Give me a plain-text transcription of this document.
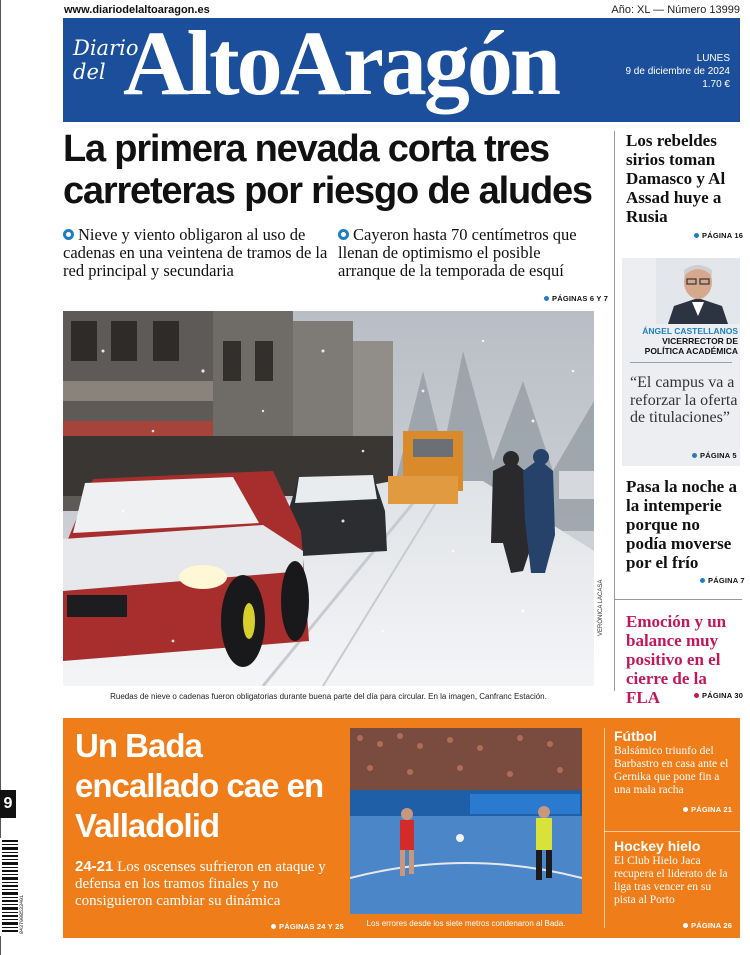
www.diariodelaltoaragon.es	Año: XL — Número 13999
Diario
del AltoAragón	LUNES
9 de diciembre de 2024
1.70 €
La primera nevada corta tres carreteras por riesgo de aludes
Nieve y viento obligaron al uso de cadenas en una veintena de tramos de la red principal y secundaria
Cayeron hasta 70 centímetros que llenan de optimismo el posible arranque de la temporada de esquí
PÁGINAS 6 Y 7
VERÓNICA LACASA
Ruedas de nieve o cadenas fueron obligatorias durante buena parte del día para circular. En la imagen, Canfranc Estación.
Los rebeldes sirios toman Damasco y Al Assad huye a Rusia
PÁGINA 16
ÁNGEL CASTELLANOS
VICERRECTOR DE POLÍTICA ACADÉMICA
“El campus va a reforzar la oferta de titulaciones”
PÁGINA 5
Pasa la noche a la intemperie porque no podía moverse por el frío
PÁGINA 7
Emoción y un balance muy positivo en el cierre de la FLA	PÁGINA 30
Un Bada encallado cae en Valladolid
24-21 Los oscenses sufrieron en ataque y defensa en los tramos finales y no consiguieron cambiar su dinámica
PÁGINAS 24 Y 25	Los errores desde los siete metros condenaron al Bada.
Fútbol
Balsámico triunfo del Barbastro en casa ante el Gernika que pone fin a una mala racha
PÁGINA 21
Hockey hielo
El Club Hielo Jaca recupera el liderato de la liga tras vencer en su pista al Porto
PÁGINA 26
9
8437008533401
